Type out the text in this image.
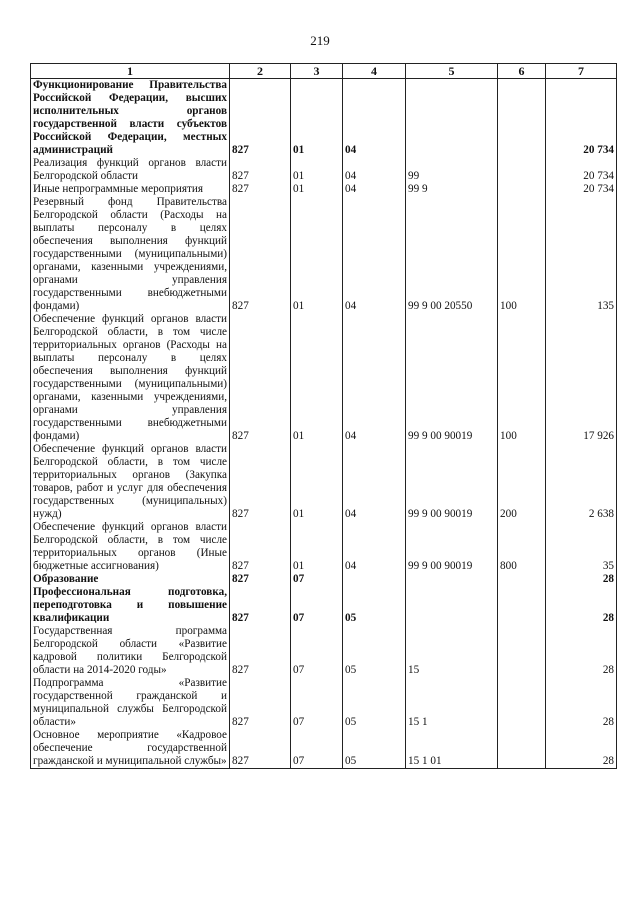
219
1	2	3	4	5	6	7
Функционирование Правительства Российской Федерации, высших исполнительных органов государственной власти субъектов Российской Федерации, местных администраций	827	01	04			20 734
Реализация функций органов власти Белгородской области	827	01	04	99		20 734
Иные непрограммные мероприятия	827	01	04	99 9		20 734
Резервный фонд Правительства Белгородской области (Расходы на выплаты персоналу в целях обеспечения выполнения функций государственными (муниципальными) органами, казенными учреждениями, органами управления государственными внебюджетными фондами)	827	01	04	99 9 00 20550	100	135
Обеспечение функций органов власти Белгородской области, в том числе территориальных органов (Расходы на выплаты персоналу в целях обеспечения выполнения функций государственными (муниципальными) органами, казенными учреждениями, органами управления государственными внебюджетными фондами)	827	01	04	99 9 00 90019	100	17 926
Обеспечение функций органов власти Белгородской области, в том числе территориальных органов (Закупка товаров, работ и услуг для обеспечения государственных (муниципальных) нужд)	827	01	04	99 9 00 90019	200	2 638
Обеспечение функций органов власти Белгородской области, в том числе территориальных органов (Иные бюджетные ассигнования)	827	01	04	99 9 00 90019	800	35
Образование	827	07				28
Профессиональная подготовка, переподготовка и повышение квалификации	827	07	05			28
Государственная программа Белгородской области «Развитие кадровой политики Белгородской области на 2014-2020 годы»	827	07	05	15		28
Подпрограмма «Развитие государственной гражданской и муниципальной службы Белгородской области»	827	07	05	15 1		28
Основное мероприятие «Кадровое обеспечение государственной гражданской и муниципальной службы»	827	07	05	15 1 01		28
